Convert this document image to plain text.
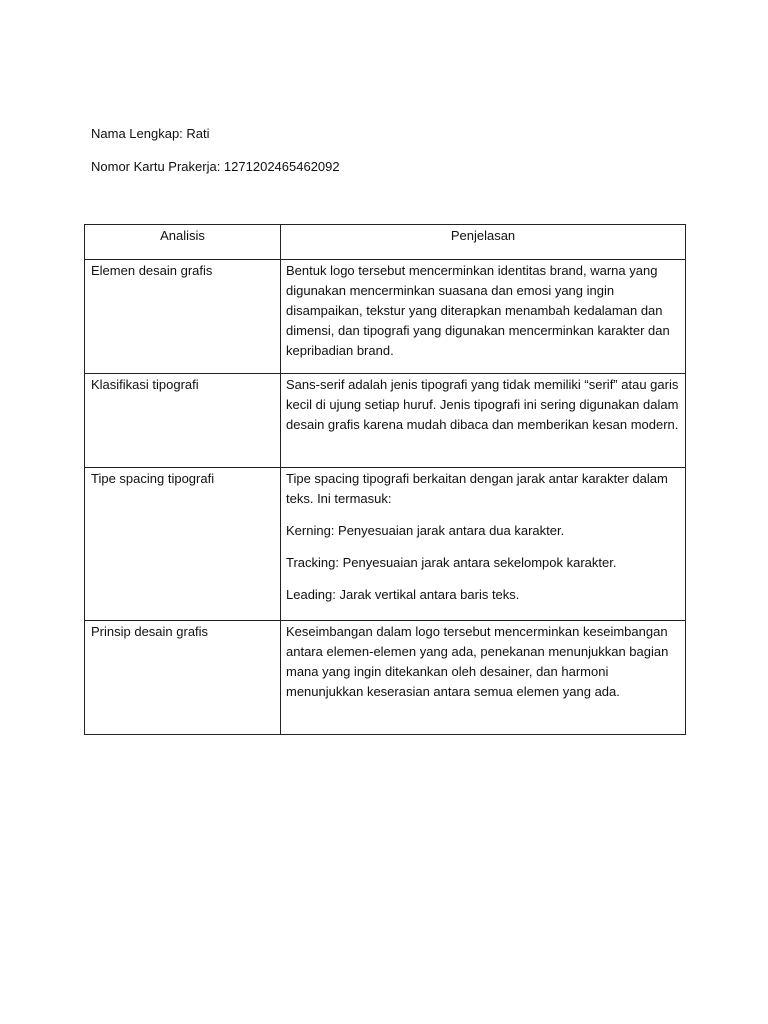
Nama Lengkap: Rati
Nomor Kartu Prakerja: 1271202465462092
Analisis	Penjelasan

Elemen desain grafis	Bentuk logo tersebut mencerminkan identitas brand, warna yang digunakan mencerminkan suasana dan emosi yang ingin disampaikan, tekstur yang diterapkan menambah kedalaman dan dimensi, dan tipografi yang digunakan mencerminkan karakter dan kepribadian brand.

Klasifikasi tipografi	Sans-serif adalah jenis tipografi yang tidak memiliki “serif” atau garis kecil di ujung setiap huruf. Jenis tipografi ini sering digunakan dalam desain grafis karena mudah dibaca dan memberikan kesan modern.

Tipe spacing tipografi	Tipe spacing tipografi berkaitan dengan jarak antar karakter dalam teks. Ini termasuk:

Kerning: Penyesuaian jarak antara dua karakter.

Tracking: Penyesuaian jarak antara sekelompok karakter.

Leading: Jarak vertikal antara baris teks.

Prinsip desain grafis	Keseimbangan dalam logo tersebut mencerminkan keseimbangan antara elemen-elemen yang ada, penekanan menunjukkan bagian mana yang ingin ditekankan oleh desainer, dan harmoni menunjukkan keserasian antara semua elemen yang ada.
